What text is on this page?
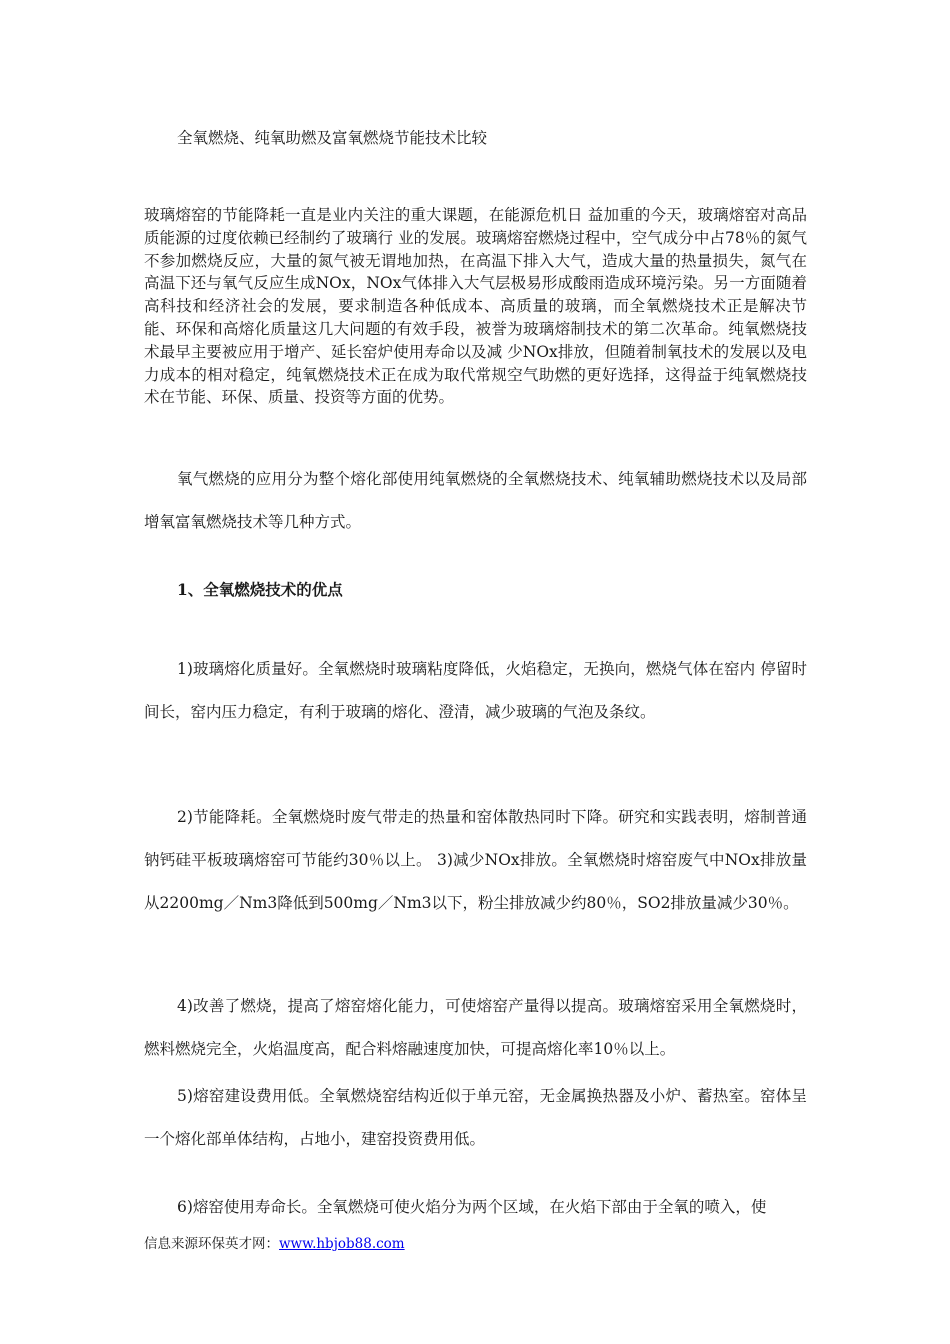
全氧燃烧、纯氧助燃及富氧燃烧节能技术比较

玻璃熔窑的节能降耗一直是业内关注的重大课题，在能源危机日 益加重的今天，玻璃熔窑对高品质能源的过度依赖已经制约了玻璃行 业的发展。玻璃熔窑燃烧过程中，空气成分中占78％的氮气不参加燃烧反应，大量的氮气被无谓地加热，在高温下排入大气，造成大量的热量损失，氮气在高温下还与氧气反应生成NOx，NOx气体排入大气层极易形成酸雨造成环境污染。另一方面随着高科技和经济社会的发展，要求制造各种低成本、高质量的玻璃，而全氧燃烧技术正是解决节能、环保和高熔化质量这几大问题的有效手段，被誉为玻璃熔制技术的第二次革命。纯氧燃烧技术最早主要被应用于增产、延长窑炉使用寿命以及减 少NOx排放，但随着制氧技术的发展以及电力成本的相对稳定，纯氧燃烧技术正在成为取代常规空气助燃的更好选择，这得益于纯氧燃烧技术在节能、环保、质量、投资等方面的优势。

氧气燃烧的应用分为整个熔化部使用纯氧燃烧的全氧燃烧技术、纯氧辅助燃烧技术以及局部增氧富氧燃烧技术等几种方式。

1、全氧燃烧技术的优点

1)玻璃熔化质量好。全氧燃烧时玻璃粘度降低，火焰稳定，无换向，燃烧气体在窑内 停留时间长，窑内压力稳定，有利于玻璃的熔化、澄清，减少玻璃的气泡及条纹。

2)节能降耗。全氧燃烧时废气带走的热量和窑体散热同时下降。研究和实践表明，熔制普通钠钙硅平板玻璃熔窑可节能约30％以上。 3)减少NOx排放。全氧燃烧时熔窑废气中NOx排放量从2200mg／Nm3降低到500mg／Nm3以下，粉尘排放减少约80％，SO2排放量减少30％。

4)改善了燃烧，提高了熔窑熔化能力，可使熔窑产量得以提高。玻璃熔窑采用全氧燃烧时，燃料燃烧完全，火焰温度高，配合料熔融速度加快，可提高熔化率10％以上。

5)熔窑建设费用低。全氧燃烧窑结构近似于单元窑，无金属换热器及小炉、蓄热室。窑体呈一个熔化部单体结构，占地小，建窑投资费用低。

6)熔窑使用寿命长。全氧燃烧可使火焰分为两个区域，在火焰下部由于全氧的喷入，使

信息来源环保英才网：www.hbjob88.com
